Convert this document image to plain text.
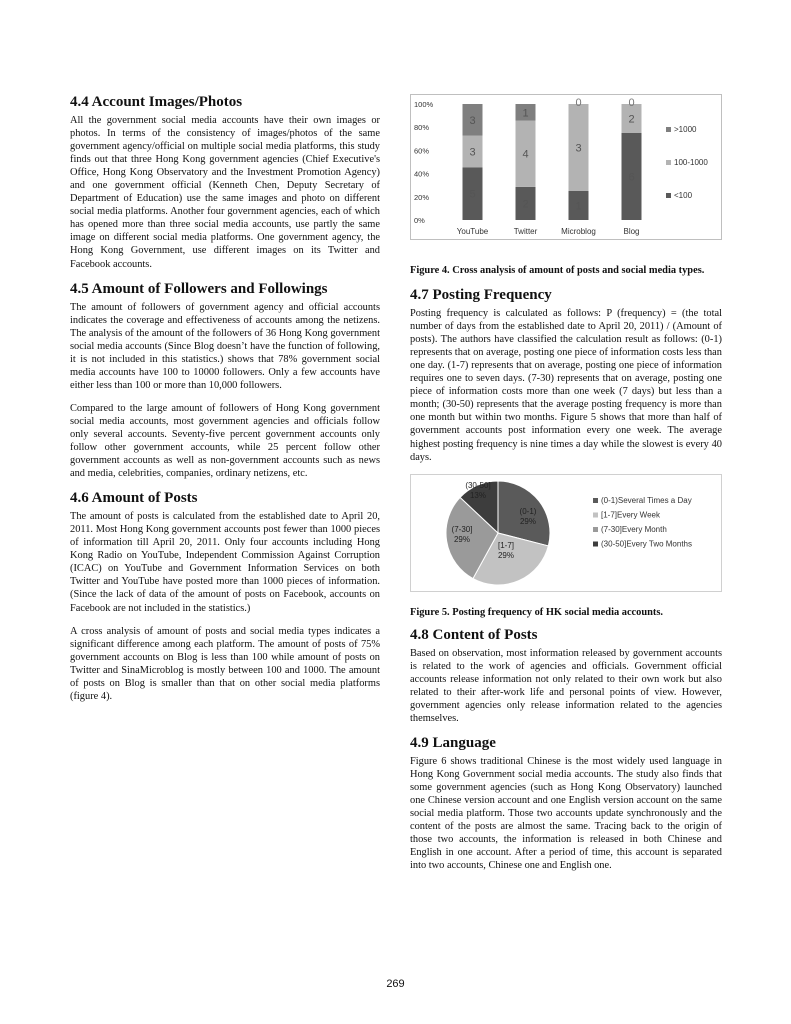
4.4 Account Images/Photos

All the government social media accounts have their own images or photos. In terms of the consistency of images/photos of the same government agency/official on multiple social media platforms, this study finds out that three Hong Kong government agencies (Chief Executive's Office, Hong Kong Observatory and the Investment Promotion Agency) and one government official (Kenneth Chen, Deputy Secretary of Department of Education) use the same images and photo on different social media platforms. Another four government agencies, each of which has opened more than three social media accounts, use partly the same image on different social media platforms. One government agency, the Hong Kong Government, use different images on its Twitter and Facebook accounts.

4.5 Amount of Followers and Followings

The amount of followers of government agency and official accounts indicates the coverage and effectiveness of accounts among the netizens. The analysis of the amount of the followers of 36 Hong Kong government social media accounts (Since Blog doesn’t have the function of following, it is not included in this statistics.) shows that 78% government social media accounts have 100 to 10000 followers. Only a few accounts have either less than 100 or more than 10,000 followers.

Compared to the large amount of followers of Hong Kong government social media accounts, most government agencies and officials follow only several accounts. Seventy-five percent government accounts only follow other government accounts, while 25 percent follow other government accounts as well as non-government accounts such as news and media, celebrities, companies, ordinary netizens, etc.

4.6 Amount of Posts

The amount of posts is calculated from the established date to April 20, 2011. Most Hong Kong government accounts post fewer than 1000 pieces of information till April 20, 2011. Only four accounts including Hong Kong Radio on YouTube, Independent Commission Against Corruption (ICAC) on YouTube and Government Information Services on both Twitter and YouTube have posted more than 1000 pieces of information. (Since the lack of data of the amount of posts on Facebook, accounts on Facebook are not included in the statistics.)

A cross analysis of amount of posts and social media types indicates a significant difference among each platform. The amount of posts of 75% government accounts on Blog is less than 100 while amount of posts on Twitter and SinaMicroblog is mostly between 100 and 1000. The amount of posts on Blog is smaller than that on other social media platforms (figure 4).

0%
20%
40%
60%
80%
100%
5
3
3
YouTube
2
4
1
Twitter
1
3
0
Microblog
6
2
0
Blog
>1000
100-1000
<100

Figure 4. Cross analysis of amount of posts and social media types.

4.7 Posting Frequency

Posting frequency is calculated as follows: P (frequency) = (the total number of days from the established date to April 20, 2011) / (Amount of posts). The authors have classified the calculation result as follows: (0-1) represents that on average, posting one piece of information costs less than one day. (1-7) represents that on average, posting one piece of information requires one to seven days. (7-30) represents that on average, posting one piece of information costs more than one week (7 days) but less than a month; (30-50) represents that the average posting frequency is more than one month but within two months. Figure 5 shows that more than half of government accounts post information every one week. The average highest posting frequency is nine times a day while the slowest is every 40 days.

(0-1)
29%
[1-7]
29%
(7-30]
29%
(30-50]
13%
(0-1)Several Times a Day
[1-7]Every Week
(7-30]Every Month
(30-50]Every Two Months

Figure 5. Posting frequency of HK social media accounts.

4.8 Content of Posts

Based on observation, most information released by government accounts is related to the work of agencies and officials. Government official accounts release information not only related to their own work but also related to their after-work life and personal points of view. However, government agencies only release information related to the agencies themselves.

4.9 Language

Figure 6 shows traditional Chinese is the most widely used language in Hong Kong Government social media accounts. The study also finds that some government agencies (such as Hong Kong Observatory) launched one Chinese version account and one English version account on the same social media platform. Those two accounts update synchronously and the content of the posts are almost the same. Tracing back to the origin of those two accounts, the information is released in both Chinese and English in one account. After a period of time, this account is separated into two accounts, Chinese one and English one.

269
